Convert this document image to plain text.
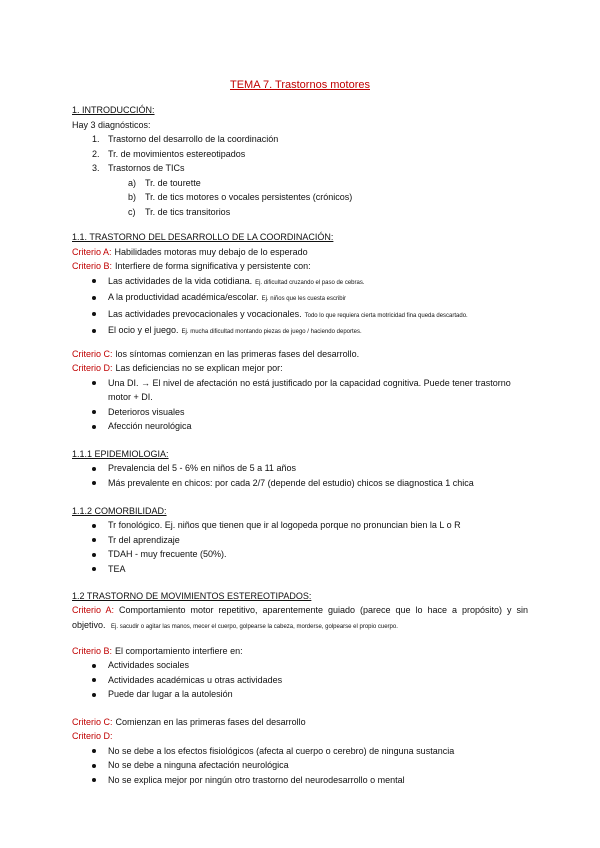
TEMA 7. Trastornos motores
1. INTRODUCCIÓN:
Hay 3 diagnósticos:
1. Trastorno del desarrollo de la coordinación
2. Tr. de movimientos estereotipados
3. Trastornos de TICs
a) Tr. de tourette
b) Tr. de tics motores o vocales persistentes (crónicos)
c) Tr. de tics transitorios
1.1. TRASTORNO DEL DESARROLLO DE LA COORDINACIÓN:
Criterio A: Habilidades motoras muy debajo de lo esperado
Criterio B: Interfiere de forma significativa y persistente con:
Las actividades de la vida cotidiana. Ej. dificultad cruzando el paso de cebras.
A la productividad académica/escolar. Ej. niños que les cuesta escribir
Las actividades prevocacionales y vocacionales. Todo lo que requiera cierta motricidad fina queda descartado.
El ocio y el juego. Ej. mucha dificultad montando piezas de juego / haciendo deportes.
Criterio C: los síntomas comienzan en las primeras fases del desarrollo.
Criterio D: Las deficiencias no se explican mejor por:
Una DI. → El nivel de afectación no está justificado por la capacidad cognitiva. Puede tener trastorno motor + DI.
Deterioros visuales
Afección neurológica
1.1.1 EPIDEMIOLOGIA:
Prevalencia del 5 - 6% en niños de 5 a 11 años
Más prevalente en chicos: por cada 2/7 (depende del estudio) chicos se diagnostica 1 chica
1.1.2 COMORBILIDAD:
Tr fonológico. Ej. niños que tienen que ir al logopeda porque no pronuncian bien la L o R
Tr del aprendizaje
TDAH - muy frecuente (50%).
TEA
1.2 TRASTORNO DE MOVIMIENTOS ESTEREOTIPADOS:
Criterio A: Comportamiento motor repetitivo, aparentemente guiado (parece que lo hace a propósito) y sin objetivo. Ej. sacudir o agitar las manos, mecer el cuerpo, golpearse la cabeza, morderse, golpearse el propio cuerpo.
Criterio B: El comportamiento interfiere en:
Actividades sociales
Actividades académicas u otras actividades
Puede dar lugar a la autolesión
Criterio C: Comienzan en las primeras fases del desarrollo
Criterio D:
No se debe a los efectos fisiológicos (afecta al cuerpo o cerebro) de ninguna sustancia
No se debe a ninguna afectación neurológica
No se explica mejor por ningún otro trastorno del neurodesarrollo o mental
